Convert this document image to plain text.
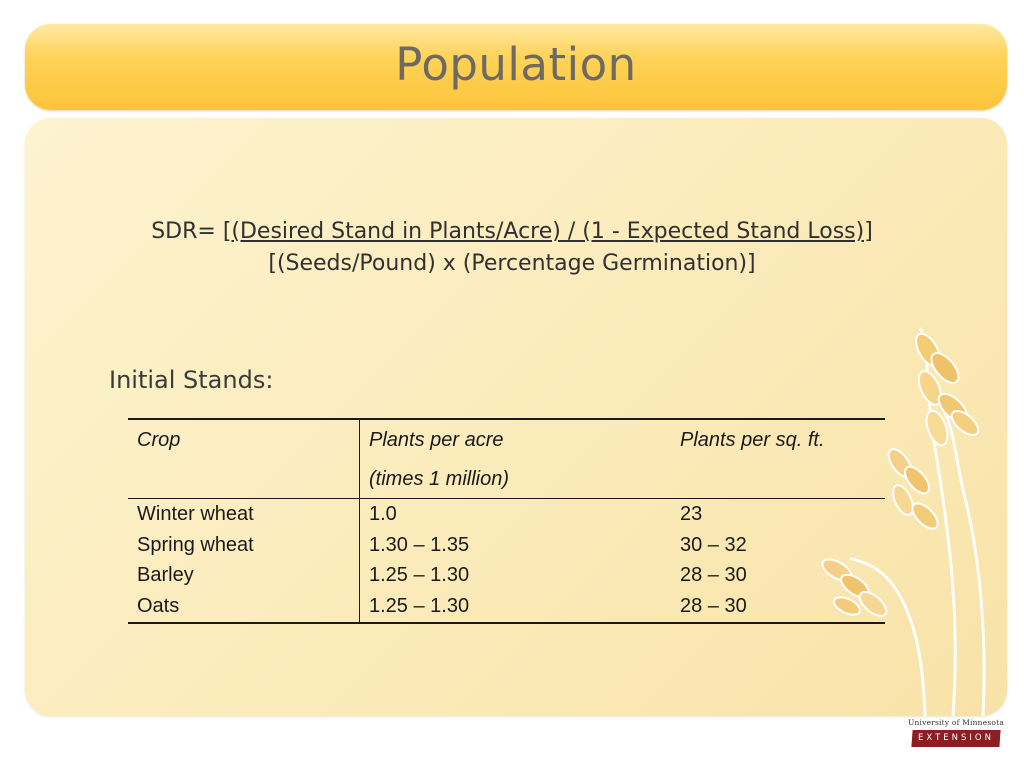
Population
SDR= [(Desired Stand in Plants/Acre) / (1 - Expected Stand Loss)]
[(Seeds/Pound) x (Percentage Germination)]
Initial Stands:
Crop	Plants per acre	Plants per sq. ft.
	(times 1 million)	
Winter wheat	1.0	23
Spring wheat	1.30 – 1.35	30 – 32
Barley	1.25 – 1.30	28 – 30
Oats	1.25 – 1.30	28 – 30
University of Minnesota
EXTENSION
